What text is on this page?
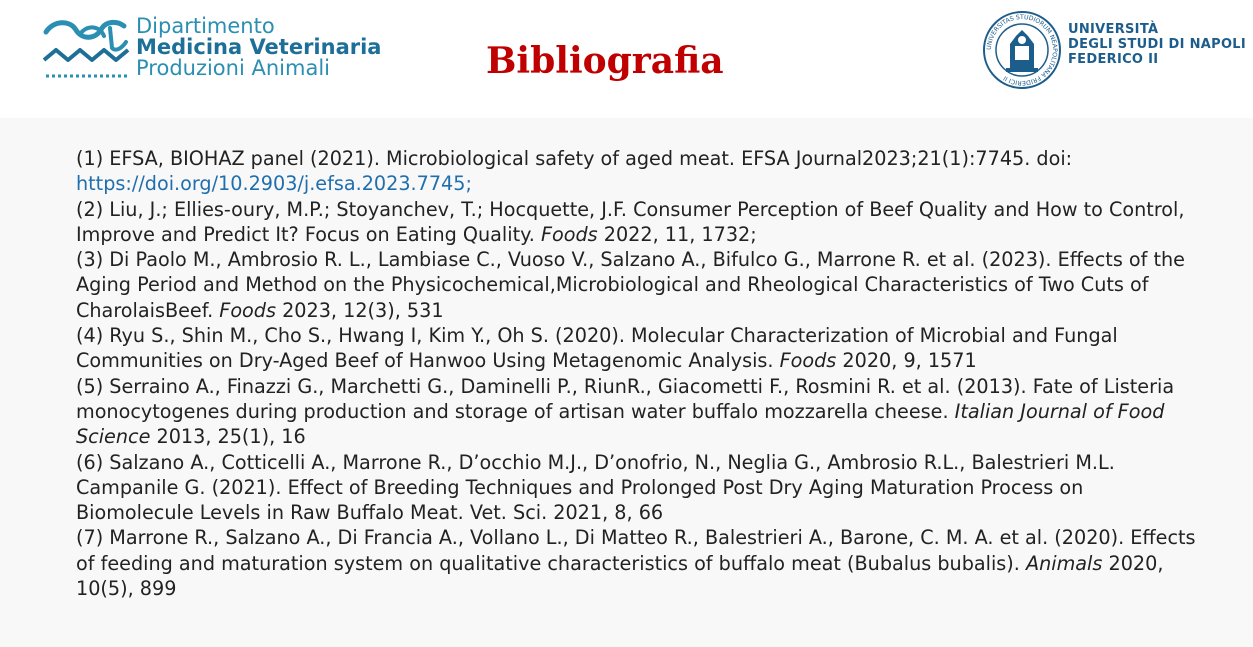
Dipartimento
Medicina Veterinaria
Produzioni Animali	Bibliografia	UNIVERSITAS STUDIORUM NEAPOLITANA FRIDERICI II
UNIVERSITÀ
DEGLI STUDI DI NAPOLI
FEDERICO II

(1) EFSA, BIOHAZ panel (2021). Microbiological safety of aged meat. EFSA Journal2023;21(1):7745. doi: https://doi.org/10.2903/j.efsa.2023.7745;

(2) Liu, J.; Ellies-oury, M.P.; Stoyanchev, T.; Hocquette, J.F. Consumer Perception of Beef Quality and How to Control, Improve and Predict It? Focus on Eating Quality. Foods 2022, 11, 1732;

(3) Di Paolo M., Ambrosio R. L., Lambiase C., Vuoso V., Salzano A., Bifulco G., Marrone R. et al. (2023). Effects of the Aging Period and Method on the Physicochemical,Microbiological and Rheological Characteristics of Two Cuts of CharolaisBeef. Foods 2023, 12(3), 531

(4) Ryu S., Shin M., Cho S., Hwang I, Kim Y., Oh S. (2020). Molecular Characterization of Microbial and Fungal Communities on Dry-Aged Beef of Hanwoo Using Metagenomic Analysis. Foods 2020, 9, 1571

(5) Serraino A., Finazzi G., Marchetti G., Daminelli P., RiunR., Giacometti F., Rosmini R. et al. (2013). Fate of Listeria monocytogenes during production and storage of artisan water buffalo mozzarella cheese. Italian Journal of Food Science 2013, 25(1), 16

(6) Salzano A., Cotticelli A., Marrone R., D’occhio M.J., D’onofrio, N., Neglia G., Ambrosio R.L., Balestrieri M.L. Campanile G. (2021). Effect of Breeding Techniques and Prolonged Post Dry Aging Maturation Process on Biomolecule Levels in Raw Buffalo Meat. Vet. Sci. 2021, 8, 66

(7) Marrone R., Salzano A., Di Francia A., Vollano L., Di Matteo R., Balestrieri A., Barone, C. M. A. et al. (2020). Effects of feeding and maturation system on qualitative characteristics of buffalo meat (Bubalus bubalis). Animals 2020, 10(5), 899
